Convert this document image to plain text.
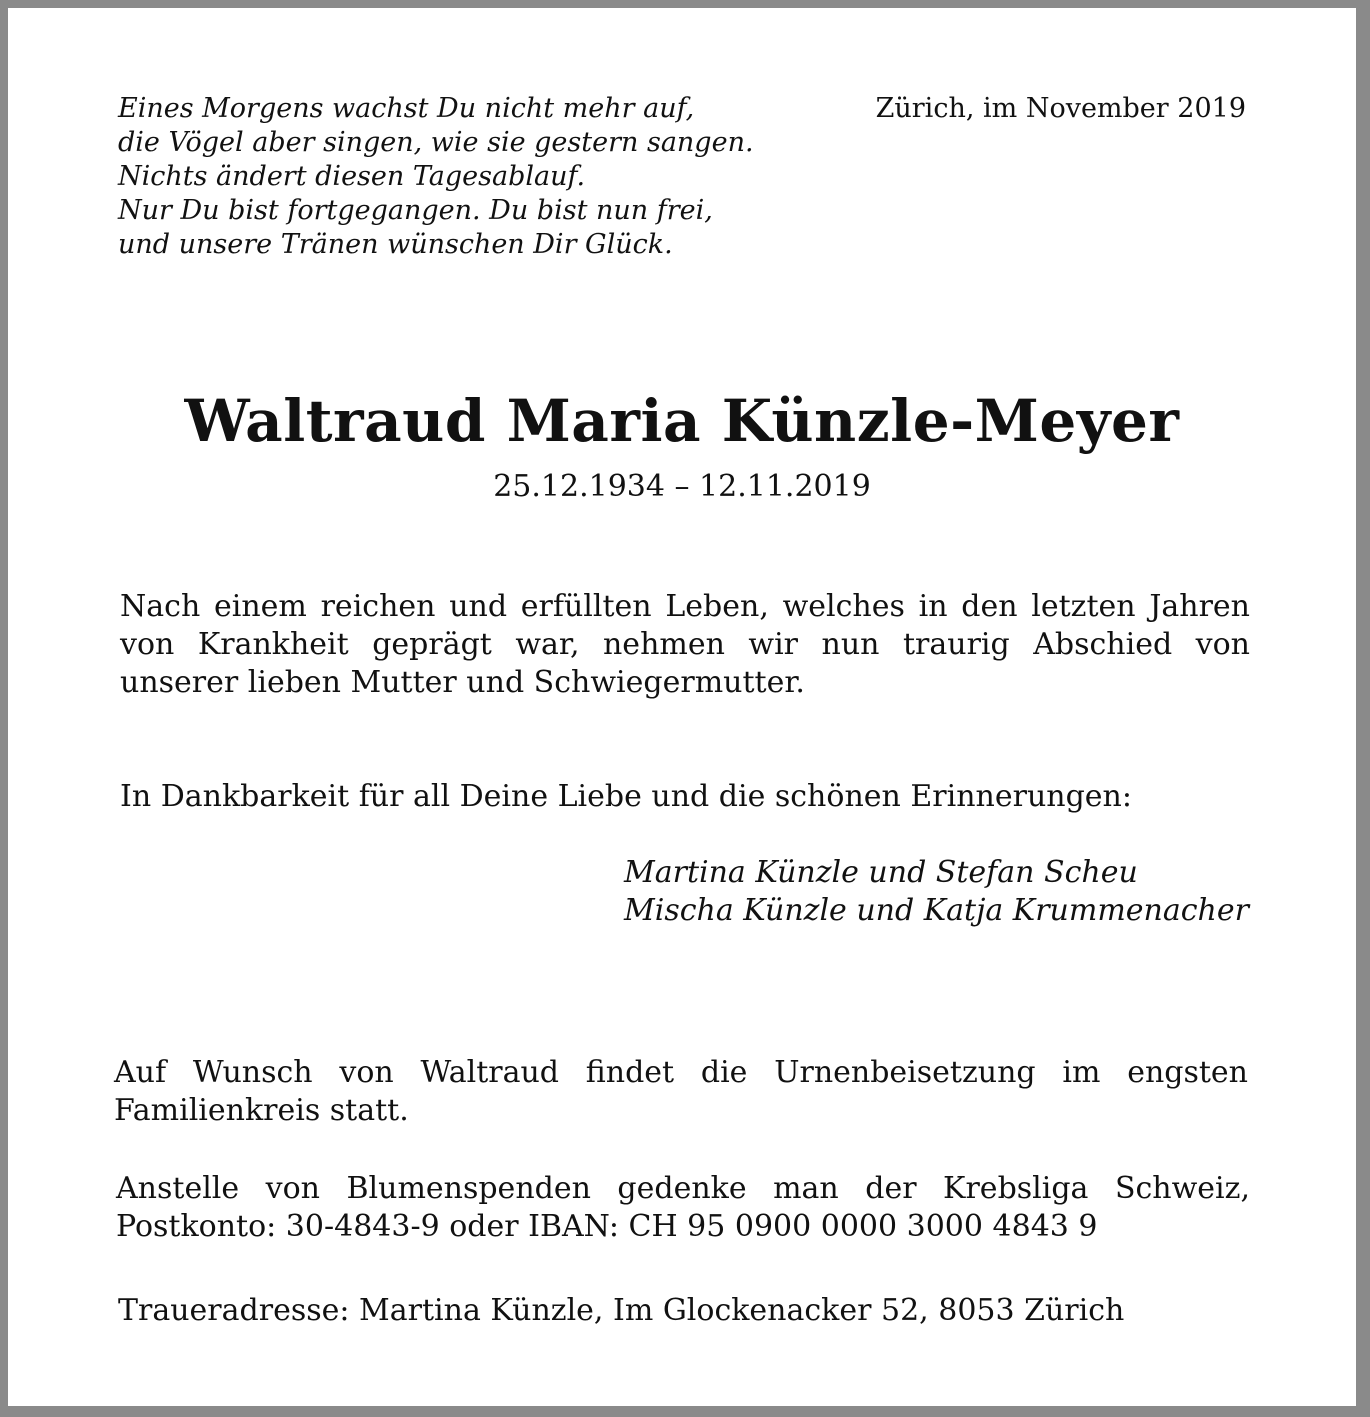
Eines Morgens wachst Du nicht mehr auf,
die Vögel aber singen, wie sie gestern sangen.
Nichts ändert diesen Tagesablauf.
Nur Du bist fortgegangen. Du bist nun frei,
und unsere Tränen wünschen Dir Glück.
Zürich, im November 2019
Waltraud Maria Künzle-Meyer
25.12.1934 – 12.11.2019

Nach einem reichen und erfüllten Leben, welches in den letzten Jahren von Krankheit geprägt war, nehmen wir nun traurig Abschied von unserer lieben Mutter und Schwiegermutter.

In Dankbarkeit für all Deine Liebe und die schönen Erinnerungen:

Martina Künzle und Stefan Scheu
Mischa Künzle und Katja Krummenacher

Auf Wunsch von Waltraud findet die Urnenbeisetzung im engsten Familienkreis statt.

Anstelle von Blumenspenden gedenke man der Krebsliga Schweiz, Postkonto: 30-4843-9 oder IBAN: CH 95 0900 0000 3000 4843 9

Traueradresse: Martina Künzle, Im Glockenacker 52, 8053 Zürich
